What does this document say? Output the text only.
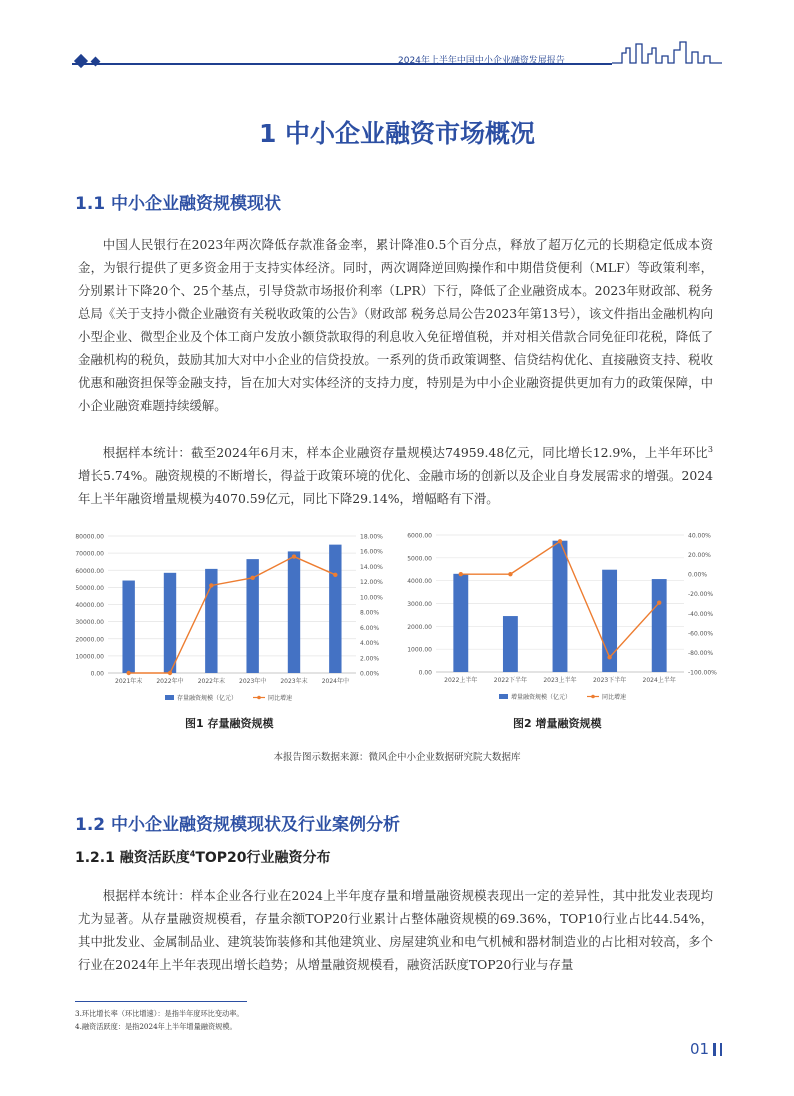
2024年上半年中国中小企业融资发展报告
1 中小企业融资市场概况
1.1 中小企业融资规模现状

中国人民银行在2023年两次降低存款准备金率，累计降准0.5个百分点，释放了超万亿元的长期稳定低成本资金，为银行提供了更多资金用于支持实体经济。同时，两次调降逆回购操作和中期借贷便利（MLF）等政策利率，分别累计下降20个、25个基点，引导贷款市场报价利率（LPR）下行，降低了企业融资成本。2023年财政部、税务总局《关于支持小微企业融资有关税收政策的公告》（财政部 税务总局公告2023年第13号），该文件指出金融机构向小型企业、微型企业及个体工商户发放小额贷款取得的利息收入免征增值税，并对相关借款合同免征印花税，降低了金融机构的税负，鼓励其加大对中小企业的信贷投放。一系列的货币政策调整、信贷结构优化、直接融资支持、税收优惠和融资担保等金融支持，旨在加大对实体经济的支持力度，特别是为中小企业融资提供更加有力的政策保障，中小企业融资难题持续缓解。

根据样本统计：截至2024年6月末，样本企业融资存量规模达74959.48亿元，同比增长12.9%，上半年环比$^3$增长5.74%。融资规模的不断增长，得益于政策环境的优化、金融市场的创新以及企业自身发展需求的增强。2024年上半年融资增量规模为4070.59亿元，同比下降29.14%，增幅略有下滑。

0.00
10000.00
20000.00
30000.00
40000.00
50000.00
60000.00
70000.00
80000.00
0.00%
2.00%
4.00%
6.00%
8.00%
10.00%
12.00%
14.00%
16.00%
18.00%
2021年末 2022年中 2022年末 2023年中 2023年末 2024年中
存量融资规模（亿元）	同比增速
0.00
1000.00
2000.00
3000.00
4000.00
5000.00
6000.00
-100.00%
-80.00%
-60.00%
-40.00%
-20.00%
0.00%
20.00%
40.00%
2022上半年	2022下半年	2023上半年	2023下半年	2024上半年
增量融资规模（亿元）	同比增速
图1 存量融资规模	图2 增量融资规模
本报告图示数据来源：微风企中小企业数据研究院大数据库
1.2 中小企业融资规模现状及行业案例分析
1.2.1 融资活跃度$^4$TOP20行业融资分布

根据样本统计：样本企业各行业在2024上半年度存量和增量融资规模表现出一定的差异性，其中批发业表现均尤为显著。从存量融资规模看，存量余额TOP20行业累计占整体融资规模的69.36%，TOP10行业占比44.54%，其中批发业、金属制品业、建筑装饰装修和其他建筑业、房屋建筑业和电气机械和器材制造业的占比相对较高，多个行业在2024年上半年表现出增长趋势；从增量融资规模看，融资活跃度TOP20行业与存量

3.环比增长率（环比增速）：是指半年度环比变动率。
4.融资活跃度：是指2024年上半年增量融资规模。
01
